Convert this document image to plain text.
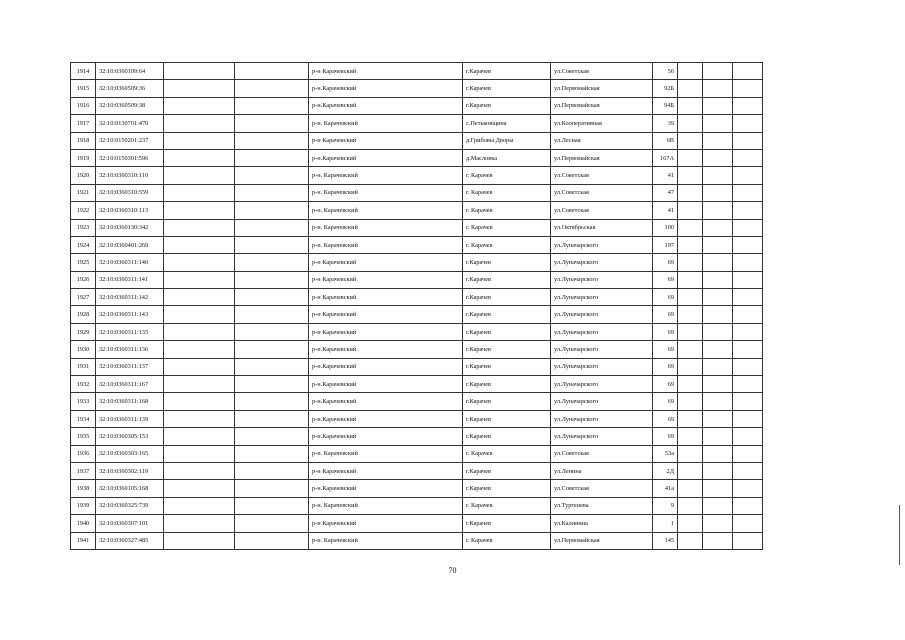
1914	32:10:0360109:64			р-н Карачевский	г.Карачев	ул.Советская	56			
1915	32:10:0360509:36			р-н.Карачевский	г.Карачев	ул.Первомайская	92Б			
1916	32:10:0360509:38			р-н.Карачевский	г.Карачев	ул.Первомайская	94Б			
1917	32:10:0130701:470			р-н. Карачевский	с.Петьковщина	ул.Кооперативная	39			
1918	32:10:0150201:237			р-н Карачевский	д.Грибовы Дворы	ул.Лесная	6В			
1919	32:10:0150301:596			р-н.Карачевский	д.Масловка	ул.Первомайская	167А			
1920	32:10:0360310:110			р-н. Карачевский	г. Карачев	ул.Советская	41			
1921	32:10:0360310:559			р-н. Карачевский	г. Карачев	ул.Советская	47			
1922	32:10:0360310:113			р-н. Карачевский	г. Карачев	ул.Советская	41			
1923	32:10:0360130:342			р-н. Карачевский	г. Карачев	ул.Октябрьская	100			
1924	32:10:0360401:269			р-н. Карачевский	г. Карачев	ул.Луначарского	197			
1925	32:10:0360311:140			р-н Карачевский	г.Карачев	ул.Луначарского	69			
1926	32:10:0360311:141			р-н Карачевский	г.Карачев	ул.Луначарского	69			
1927	32:10:0360311:142			р-н Карачевский	г.Карачев	ул.Луначарского	69			
1928	32:10:0360311:143			р-н Карачевский	г.Карачев	ул.Луначарского	69			
1929	32:10:0360311:135			р-н Карачевский	г.Карачев	ул.Луначарского	69			
1930	32:10:0360311:136			р-н.Карачевский	г.Карачев	ул.Луначарского	69			
1931	32:10:0360311:137			р-н.Карачевский	г.Карачев	ул.Луначарского	69			
1932	32:10:0360311:167			р-н.Карачевский	г.Карачев	ул.Луначарского	69			
1933	32:10:0360311:168			р-н.Карачевский	г.Карачев	ул.Луначарского	69			
1934	32:10:0360311:139			р-н.Карачевский	г.Карачев	ул.Луначарского	69			
1935	32:10:0360305:153			р-н.Карачевский	г.Карачев	ул.Луначарского	69			
1936	32:10:0360303:165			р-н. Карачевский	г. Карачев	ул.Советская	53а			
1937	32:10:0360302:119			р-н Карачевский	г.Карачев	ул.Ленина	2Д			
1938	32:10:0360105:168			р-н.Карачевский	г.Карачев	ул.Советская	41а			
1939	32:10:0360325:739			р-н. Карачевский	г. Карачев	ул.Тургенева	9			
1940	32:10:0360307:101			р-н Карачевский	г.Карачев	ул.Калинина	1			
1941	32:10:0360327:485			р-н. Карачевский	г. Карачев	ул.Первомайская	145			
70
